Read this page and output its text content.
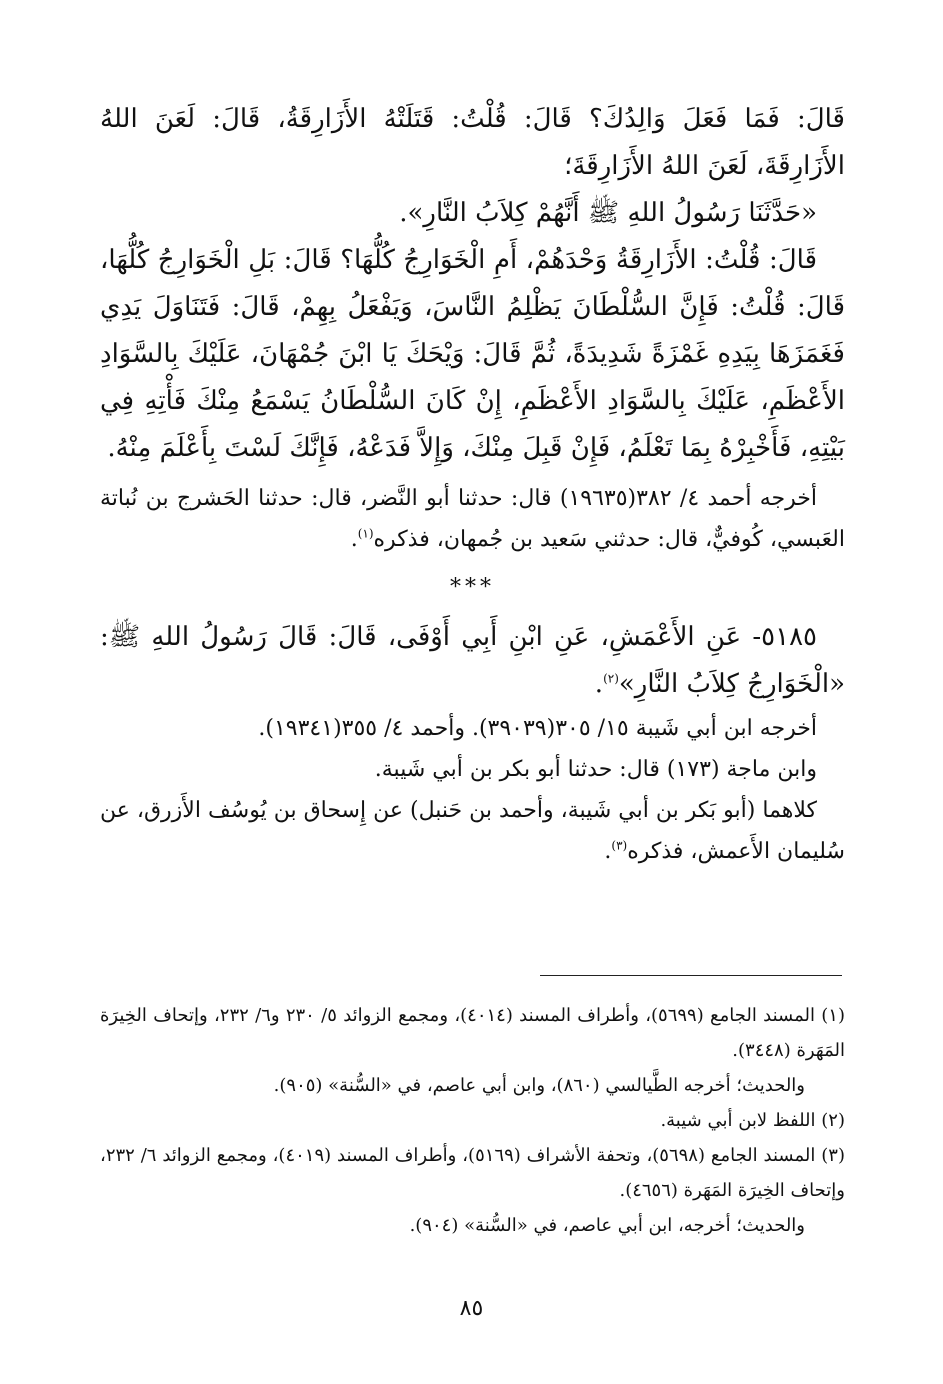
قَالَ: فَمَا فَعَلَ وَالِدُكَ؟ قَالَ: قُلْتُ: قَتَلَتْهُ الأَزَارِقَةُ، قَالَ: لَعَنَ اللهُ الأَزَارِقَةَ، لَعَنَ اللهُ الأَزَارِقَةَ؛

«حَدَّثَنَا رَسُولُ اللهِ ﷺ أَنَّهُمْ كِلاَبُ النَّارِ».

قَالَ: قُلْتُ: الأَزَارِقَةُ وَحْدَهُمْ، أَمِ الْخَوَارِجُ كُلُّهَا؟ قَالَ: بَلِ الْخَوَارِجُ كُلُّهَا، قَالَ: قُلْتُ: فَإِنَّ السُّلْطَانَ يَظْلِمُ النَّاسَ، وَيَفْعَلُ بِهِمْ، قَالَ: فَتَنَاوَلَ يَدِي فَغَمَزَهَا بِيَدِهِ غَمْزَةً شَدِيدَةً، ثُمَّ قَالَ: وَيْحَكَ يَا ابْنَ جُمْهَانَ، عَلَيْكَ بِالسَّوَادِ الأَعْظَمِ، عَلَيْكَ بِالسَّوَادِ الأَعْظَمِ، إِنْ كَانَ السُّلْطَانُ يَسْمَعُ مِنْكَ فَأْتِهِ فِي بَيْتِهِ، فَأَخْبِرْهُ بِمَا تَعْلَمُ، فَإِنْ قَبِلَ مِنْكَ، وَإِلاَّ فَدَعْهُ، فَإِنَّكَ لَسْتَ بِأَعْلَمَ مِنْهُ.

أخرجه أحمد ٤/ ٣٨٢(١٩٦٣٥) قال: حدثنا أبو النَّضر، قال: حدثنا الحَشرج بن نُباتة العَبسي، كُوفيٌّ، قال: حدثني سَعيد بن جُمهان، فذكره$^{(١)}$.

***

٥١٨٥- عَنِ الأَعْمَشِ، عَنِ ابْنِ أَبِي أَوْفَى، قَالَ: قَالَ رَسُولُ اللهِ ﷺ: «الْخَوَارِجُ كِلاَبُ النَّارِ»$^{(٢)}$.

أخرجه ابن أبي شَيبة ١٥/ ٣٠٥(٣٩٠٣٩). وأحمد ٤/ ٣٥٥(١٩٣٤١).

وابن ماجة (١٧٣) قال: حدثنا أبو بكر بن أبي شَيبة.

كلاهما (أبو بَكر بن أبي شَيبة، وأحمد بن حَنبل) عن إِسحاق بن يُوسُف الأَزرق، عن سُليمان الأَعمش، فذكره$^{(٣)}$.

(١) المسند الجامع (٥٦٩٩)، وأطراف المسند (٤٠١٤)، ومجمع الزوائد ٥/ ٢٣٠ و٦/ ٢٣٢، وإتحاف الخِيرَة المَهَرة (٣٤٤٨).

والحديث؛ أخرجه الطَّيالسي (٨٦٠)، وابن أبي عاصم، في «السُّنة» (٩٠٥).

(٢) اللفظ لابن أبي شيبة.

(٣) المسند الجامع (٥٦٩٨)، وتحفة الأشراف (٥١٦٩)، وأطراف المسند (٤٠١٩)، ومجمع الزوائد ٦/ ٢٣٢، وإتحاف الخِيرَة المَهَرة (٤٦٥٦).

والحديث؛ أخرجه، ابن أبي عاصم، في «السُّنة» (٩٠٤).

٨٥
